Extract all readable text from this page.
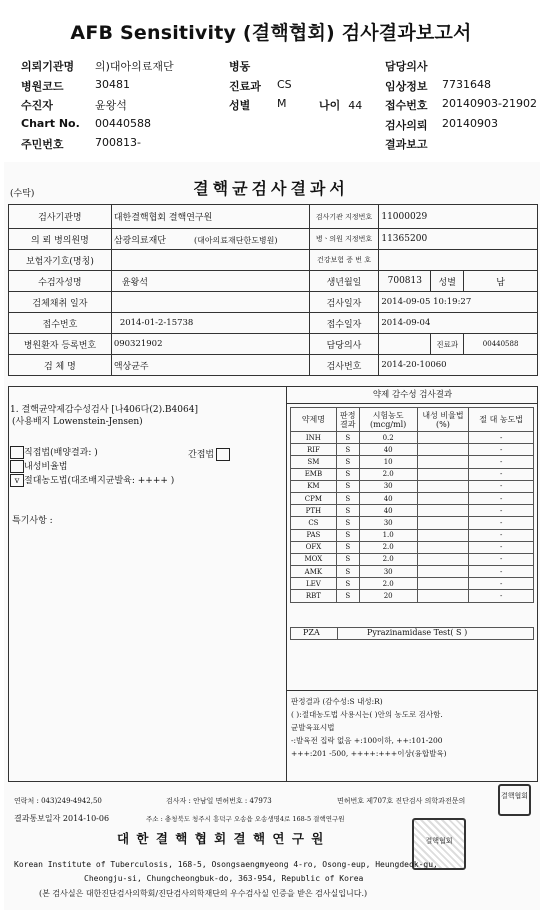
AFB Sensitivity (결핵협회) 검사결과보고서
의뢰기관명 의)대아의료재단
병원코드	30481
수진자	윤왕석
Chart No. 00440588
주민번호	700813-
병동
진료과 CS
성별 M	나이 44
담당의사
임상정보 7731648
접수번호 20140903-21902
검사의뢰 20140903
결과보고
(수탁)	결핵균검사결과서
검사기관명	대한결핵협회 결핵연구원	검사기관 지정번호	11000029		
의 뢰 병의원명	삼광의료재단 (대아의료재단한도병원)	병ㆍ의원 지정번호	11365200		
보험자기호(명칭)		건강보험 증 번 호			
수검자성명	윤왕석	생년월일	700813	성별	남
검체채취 일자		검사일자	2014-09-05 10:19:27		
접수번호	2014-01-2-15738	접수일자	2014-09-04		
병원환자 등록번호	090321902	담당의사		진료과	00440588
검 체 명	액상균주	검사번호	2014-20-10060		
1. 결핵균약제감수성검사 [나406다(2).B4064]
(사용배지 Lowenstein-Jensen)
직접법(배양결과: )	간접법
내성비율법
v 절대농도법(대조배지균발육: ++++ )
특기사항 :
약제 감수성 검사결과
약제명	판정 결과	시험농도 (mcg/ml)	내성 비율법(%)	절 대 농도법
INH	S	0.2		-
RIF	S	40		-
SM	S	10		-
EMB	S	2.0		-
KM	S	30		-
CPM	S	40		-
PTH	S	40		-
CS	S	30		-
PAS	S	1.0		-
OFX	S	2.0		-
MOX	S	2.0		-
AMK	S	30		-
LEV	S	2.0		-
RBT	S	20		-
PZA	Pyrazinamidase Test( S )
판정결과 (감수성:S 내성:R)
( ):절대농도법 사용시는( )안의 농도로 검사함.
균발육표시법
-:발육전 집락 없음 +:100이하, ++:101-200
+++:201 -500, ++++:+++이상(융합발육)
연락처 : 043)249-4942,50	검사자 : 안남일 면허번호 : 47973	면허번호 제707호 진단검사 의학과전문의
결과통보일자 2014-10-06	주소 : 충청북도 청주시 흥덕구 오송읍 오송생명4로 168-5 결핵연구원
대 한 결 핵 협 회 결 핵 연 구 원
결핵협회
결핵협회
Korean Institute of Tuberculosis, 168-5, Osongsaengmyeong 4-ro, Osong-eup, Heungdeok-gu,
Cheongju-si, Chungcheongbuk-do, 363-954, Republic of Korea
(본 검사실은 대한진단검사의학회/진단검사의학재단의 우수검사실 인증을 받은 검사실입니다.)
